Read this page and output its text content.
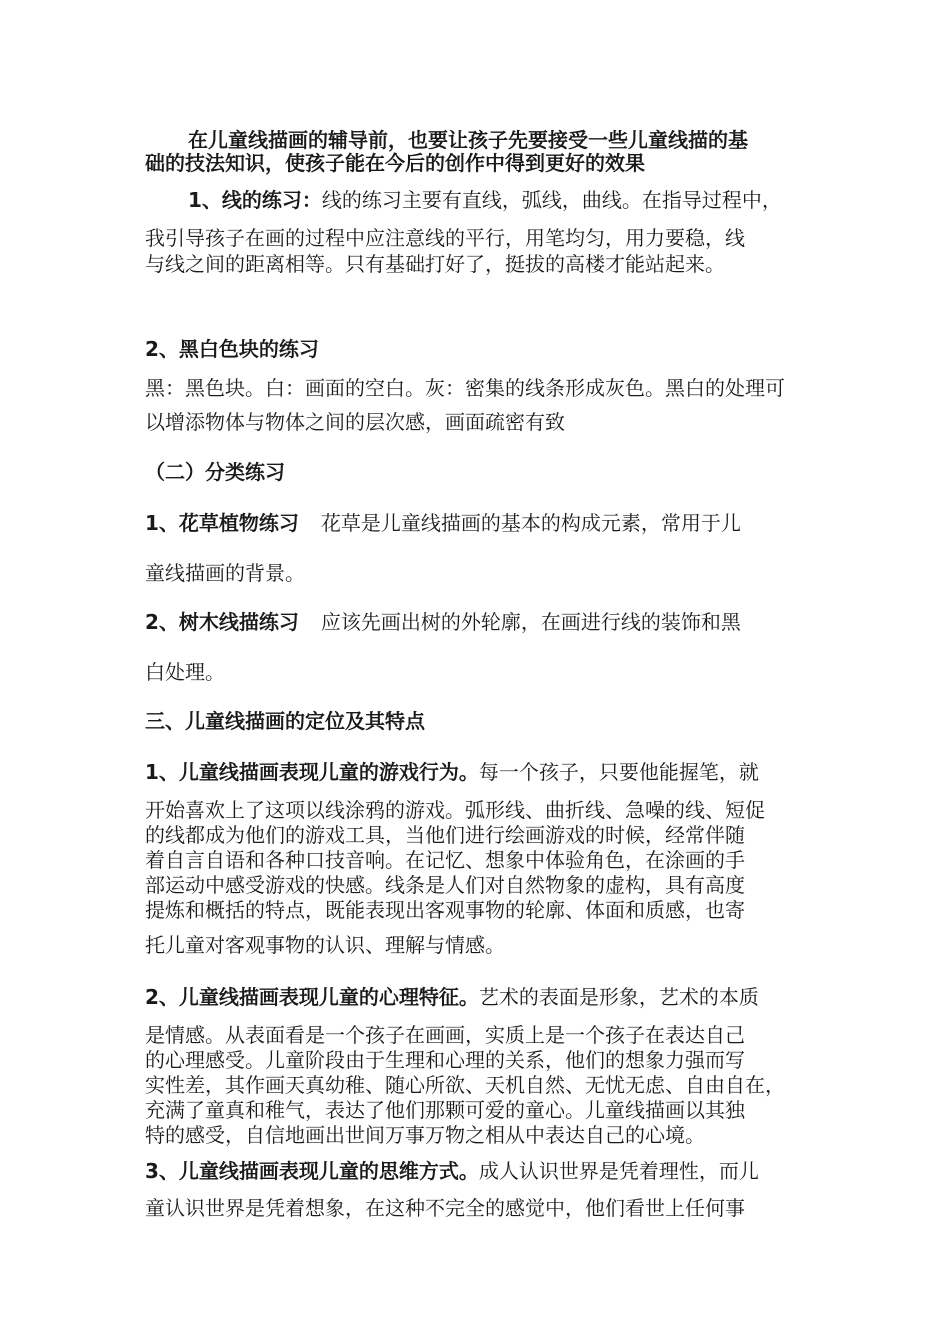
在儿童线描画的辅导前，也要让孩子先要接受一些儿童线描的基
础的技法知识，使孩子能在今后的创作中得到更好的效果
1、线的练习：线的练习主要有直线，弧线，曲线。在指导过程中，
我引导孩子在画的过程中应注意线的平行，用笔均匀，用力要稳，线
与线之间的距离相等。只有基础打好了，挺拔的高楼才能站起来。
2、黑白色块的练习
黑：黑色块。白：画面的空白。灰：密集的线条形成灰色。黑白的处理可
以增添物体与物体之间的层次感，画面疏密有致
（二）分类练习
1、花草植物练习 花草是儿童线描画的基本的构成元素，常用于儿
童线描画的背景。
2、树木线描练习 应该先画出树的外轮廓，在画进行线的装饰和黑
白处理。
三、儿童线描画的定位及其特点
1、儿童线描画表现儿童的游戏行为。每一个孩子，只要他能握笔，就
开始喜欢上了这项以线涂鸦的游戏。弧形线、曲折线、急噪的线、短促
的线都成为他们的游戏工具，当他们进行绘画游戏的时候，经常伴随
着自言自语和各种口技音响。在记忆、想象中体验角色，在涂画的手
部运动中感受游戏的快感。线条是人们对自然物象的虚构，具有高度
提炼和概括的特点，既能表现出客观事物的轮廓、体面和质感，也寄
托儿童对客观事物的认识、理解与情感。
2、儿童线描画表现儿童的心理特征。艺术的表面是形象，艺术的本质
是情感。从表面看是一个孩子在画画，实质上是一个孩子在表达自己
的心理感受。儿童阶段由于生理和心理的关系，他们的想象力强而写
实性差，其作画天真幼稚、随心所欲、天机自然、无忧无虑、自由自在，
充满了童真和稚气，表达了他们那颗可爱的童心。儿童线描画以其独
特的感受，自信地画出世间万事万物之相从中表达自己的心境。
3、儿童线描画表现儿童的思维方式。成人认识世界是凭着理性，而儿
童认识世界是凭着想象，在这种不完全的感觉中，他们看世上任何事
